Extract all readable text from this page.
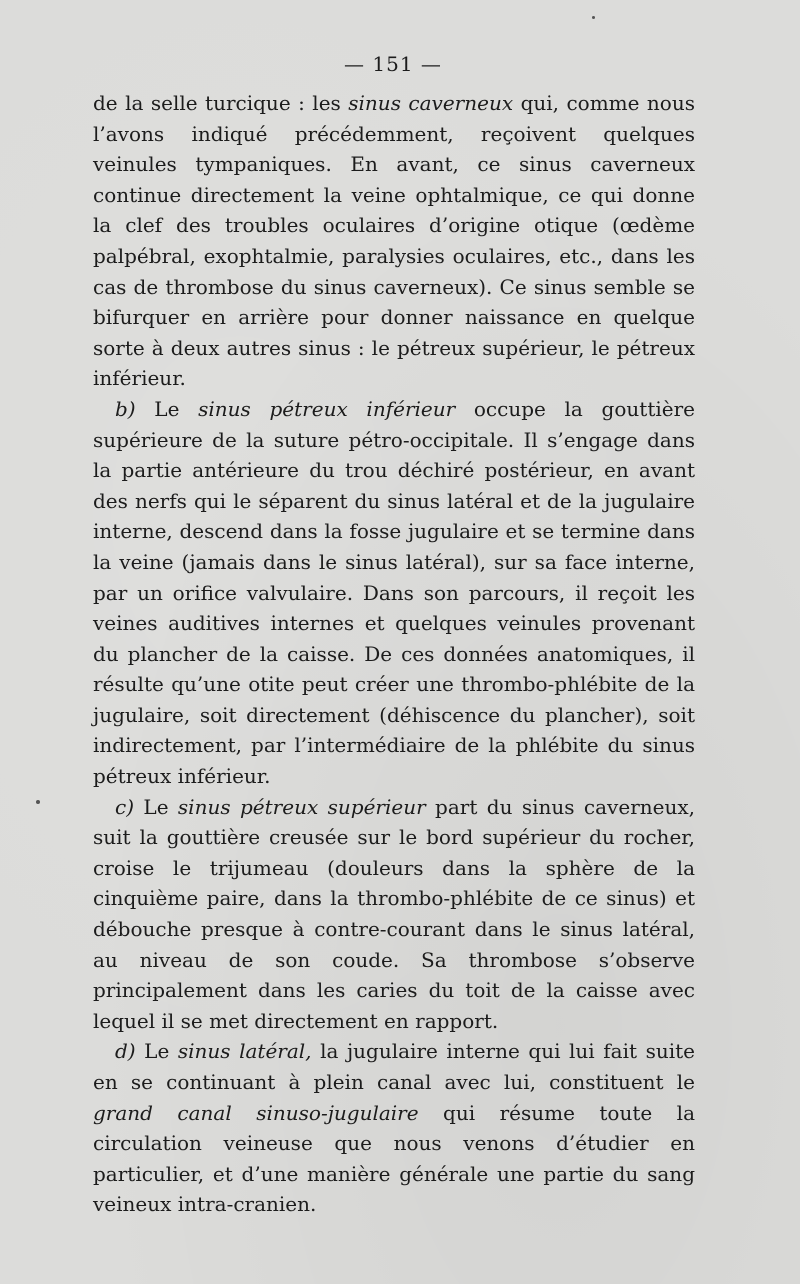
— 151 —

de la selle turcique : les sinus caverneux qui, comme nous l’avons indiqué précédemment, reçoivent quelques veinules tympaniques. En avant, ce sinus caverneux continue directement la veine ophtalmique, ce qui donne la clef des troubles oculaires d’origine otique (œdème palpébral, exophtalmie, paralysies oculaires, etc., dans les cas de thrombose du sinus caverneux). Ce sinus semble se bifurquer en arrière pour donner naissance en quelque sorte à deux autres sinus : le pétreux supérieur, le pétreux inférieur.

b) Le sinus pétreux inférieur occupe la gouttière supérieure de la suture pétro-occipitale. Il s’engage dans la partie antérieure du trou déchiré postérieur, en avant des nerfs qui le séparent du sinus latéral et de la jugulaire interne, descend dans la fosse jugulaire et se termine dans la veine (jamais dans le sinus latéral), sur sa face interne, par un orifice valvulaire. Dans son parcours, il reçoit les veines auditives internes et quelques veinules provenant du plancher de la caisse. De ces données anatomiques, il résulte qu’une otite peut créer une thrombo-phlébite de la jugulaire, soit directement (déhiscence du plancher), soit indirectement, par l’intermédiaire de la phlébite du sinus pétreux inférieur.

c) Le sinus pétreux supérieur part du sinus caverneux, suit la gouttière creusée sur le bord supérieur du rocher, croise le trijumeau (douleurs dans la sphère de la cinquième paire, dans la thrombo-phlébite de ce sinus) et débouche presque à contre-courant dans le sinus latéral, au niveau de son coude. Sa thrombose s’observe principalement dans les caries du toit de la caisse avec lequel il se met directement en rapport.

d) Le sinus latéral, la jugulaire interne qui lui fait suite en se continuant à plein canal avec lui, constituent le grand canal sinuso-jugulaire qui résume toute la circulation veineuse que nous venons d’étudier en particulier, et d’une manière générale une partie du sang veineux intra-cranien.
